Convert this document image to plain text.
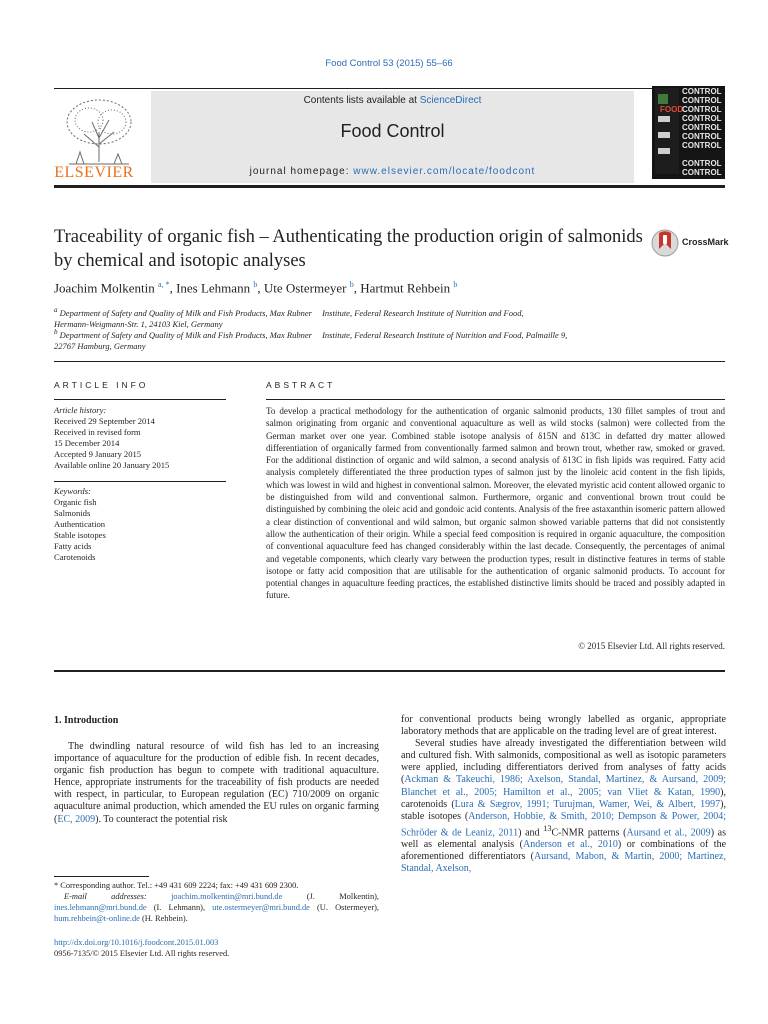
Food Control 53 (2015) 55–66
ELSEVIER
Contents lists available at ScienceDirect
Food Control
journal homepage: www.elsevier.com/locate/foodcont
CONTROL
CONTROL
FOOD
CONTROL
CONTROL
CONTROL
CONTROL
CONTROL
CONTROL
CONTROL
Traceability of organic fish – Authenticating the production origin of salmonids by chemical and isotopic analyses
CrossMark
Joachim Molkentin $^{a, *}$, Ines Lehmann $^b$, Ute Ostermeyer $^b$, Hartmut Rehbein $^b$
$^a$ Department of Safety and Quality of Milk and Fish Products, Max Rubner Institute, Federal Research Institute of Nutrition and Food,
Hermann-Weigmann-Str. 1, 24103 Kiel, Germany
$^b$ Department of Safety and Quality of Milk and Fish Products, Max Rubner Institute, Federal Research Institute of Nutrition and Food, Palmaille 9,
22767 Hamburg, Germany
ARTICLE INFO	ABSTRACT
Article history:
Received 29 September 2014
Received in revised form
15 December 2014
Accepted 9 January 2015
Available online 20 January 2015
Keywords:
Organic fish
Salmonids
Authentication
Stable isotopes
Fatty acids
Carotenoids
To develop a practical methodology for the authentication of organic salmonid products, 130 fillet samples of trout and salmon originating from organic and conventional aquaculture as well as wild stocks (salmon) were collected from the German market over one year. Combined stable isotope analysis of δ15N and δ13C in defatted dry matter allowed differentiation of organically farmed from conventionally farmed salmon and brown trout, whether raw, smoked or graved. For the additional distinction of organic and wild salmon, a second analysis of δ13C in fish lipids was required. Fatty acid analysis completely differentiated the three production types of salmon just by the linoleic acid content in the fish lipids, which was lowest in wild and highest in conventional salmon. Moreover, the elevated myristic acid content allowed organic to be distinguished from wild and conventional salmon. Furthermore, organic and conventional brown trout could be distinguished by combining the oleic acid and gondoic acid contents. Analysis of the free astaxanthin isomeric pattern allowed a clear distinction of conventional and wild salmon, but organic salmon showed variable patterns that did not consistently allow the authentication of their origin. While a special feed composition is required in organic aquaculture, the composition of conventional aquaculture feed has changed considerably within the last decade. Consequently, the percentages of animal and vegetable components, which clearly vary between the production types, result in distinctive features in terms of stable isotope or fatty acid composition that are utilisable for the authentication of organic salmonid products. To account for potential changes in aquaculture feeding practices, the established distinctive limits should be traced and possibly adapted in future.
© 2015 Elsevier Ltd. All rights reserved.
1. Introduction

The dwindling natural resource of wild fish has led to an increasing importance of aquaculture for the production of edible fish. In recent decades, organic fish production has begun to compete with traditional aquaculture. Hence, appropriate instruments for the traceability of fish products are needed with respect, in particular, to European regulation (EC) 710/2009 on organic aquaculture animal production, which amended the EU rules on organic farming (EC, 2009). To counteract the potential risk

for conventional products being wrongly labelled as organic, appropriate laboratory methods that are applicable on the trading level are of great interest.

Several studies have already investigated the differentiation between wild and cultured fish. With salmonids, compositional as well as isotopic parameters were applied, including differentiators derived from analyses of fatty acids (Ackman & Takeuchi, 1986; Axelson, Standal, Martinez, & Aursand, 2009; Blanchet et al., 2005; Hamilton et al., 2005; van Vliet & Katan, 1990), carotenoids (Lura & Sægrov, 1991; Turujman, Wamer, Wei, & Albert, 1997), stable isotopes (Anderson, Hobbie, & Smith, 2010; Dempson & Power, 2004; Schröder & de Leaniz, 2011) and $^{13}$C-NMR patterns (Aursand et al., 2009) as well as elemental analysis (Anderson et al., 2010) or combinations of the aforementioned differentiators (Aursand, Mabon, & Martin, 2000; Martinez, Standal, Axelson,

* Corresponding author. Tel.: +49 431 609 2224; fax: +49 431 609 2300.
E-mail addresses:	joachim.molkentin@mri.bund.de	(J. Molkentin), ines.lehmann@mri.bund.de (I. Lehmann), ute.ostermeyer@mri.bund.de (U. Ostermeyer), hum.rehbein@t-online.de (H. Rehbein).
http://dx.doi.org/10.1016/j.foodcont.2015.01.003
0956-7135/© 2015 Elsevier Ltd. All rights reserved.
